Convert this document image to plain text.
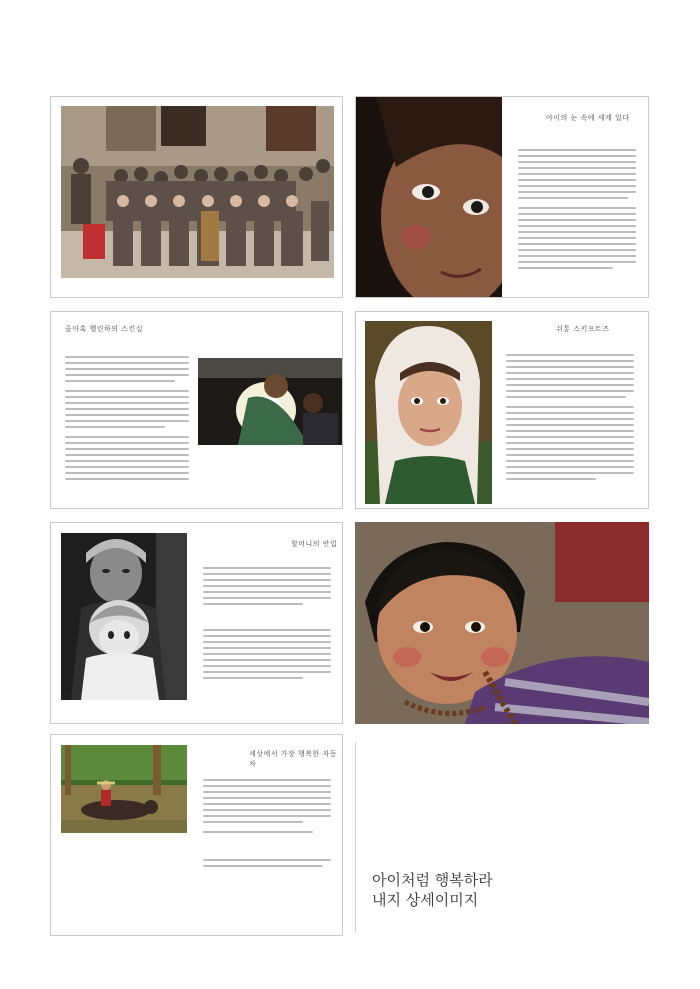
아이의 눈 속에 세계 있다
올아혹 헬린하의 스킨십	쉬통 스키프트즈
할머니의 안입
세상에서 가장 행복한 자동차
아이처럼 행복하라
내지 상세이미지
